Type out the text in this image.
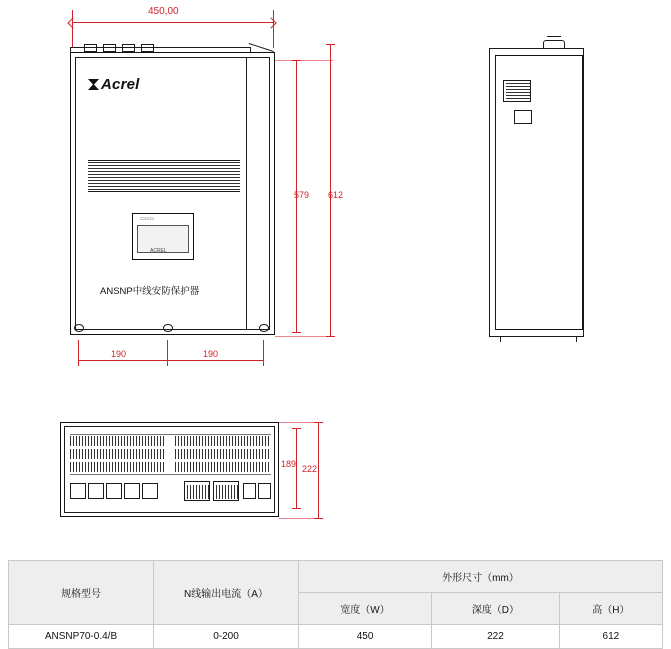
450,00
Acrel
▭▭▭
ACREL
ANSNP中线安防保护器
579 612
190	190
189 222
规格型号	N线输出电流（A）	外形尺寸（mm）		
		宽度（W）	深度（D）	高（H）
ANSNP70-0.4/B	0-200	450	222	612
